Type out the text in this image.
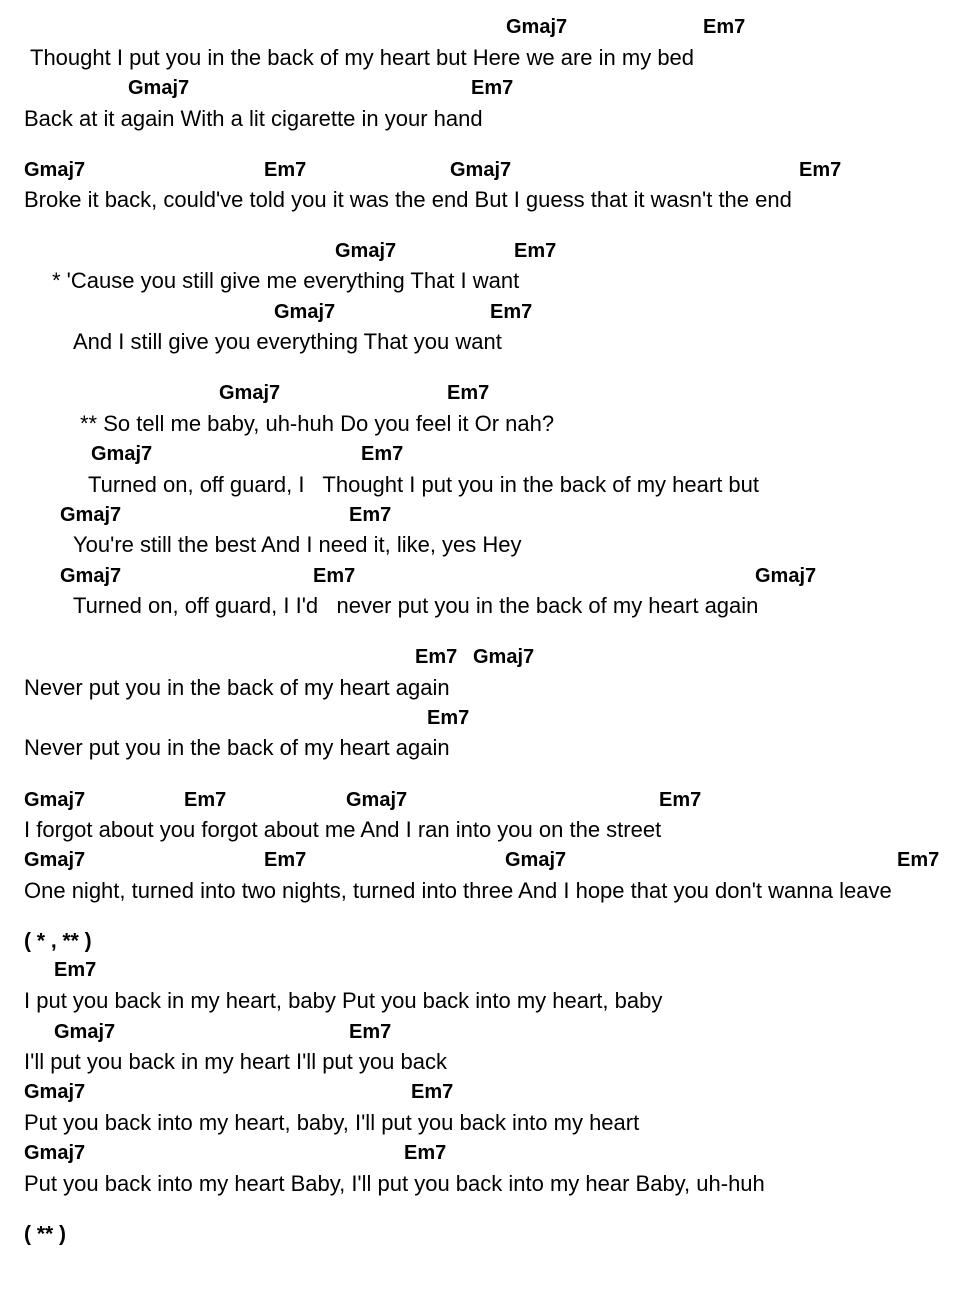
Gmaj7	Em7
Thought I put you in the back of my heart but Here we are in my bed
Gmaj7	Em7
Back at it again With a lit cigarette in your hand
Gmaj7	Em7	Gmaj7	Em7
Broke it back, could've told you it was the end But I guess that it wasn't the end
Gmaj7	Em7
* 'Cause you still give me everything That I want
Gmaj7	Em7
And I still give you everything That you want
Gmaj7	Em7
** So tell me baby, uh-huh Do you feel it Or nah?
Gmaj7	Em7
Turned on, off guard, I   Thought I put you in the back of my heart but
Gmaj7	Em7
You're still the best And I need it, like, yes Hey
Gmaj7	Em7	Gmaj7
Turned on, off guard, I I'd   never put you in the back of my heart again
Em7 Gmaj7
Never put you in the back of my heart again
Em7
Never put you in the back of my heart again
Gmaj7	Em7	Gmaj7	Em7
I forgot about you forgot about me And I ran into you on the street
Gmaj7	Em7	Gmaj7	Em7
One night, turned into two nights, turned into three And I hope that you don't wanna leave
( * , ** )
Em7
I put you back in my heart, baby Put you back into my heart, baby
Gmaj7	Em7
I'll put you back in my heart I'll put you back
Gmaj7	Em7
Put you back into my heart, baby, I'll put you back into my heart
Gmaj7	Em7
Put you back into my heart Baby, I'll put you back into my hear Baby, uh-huh
( ** )
